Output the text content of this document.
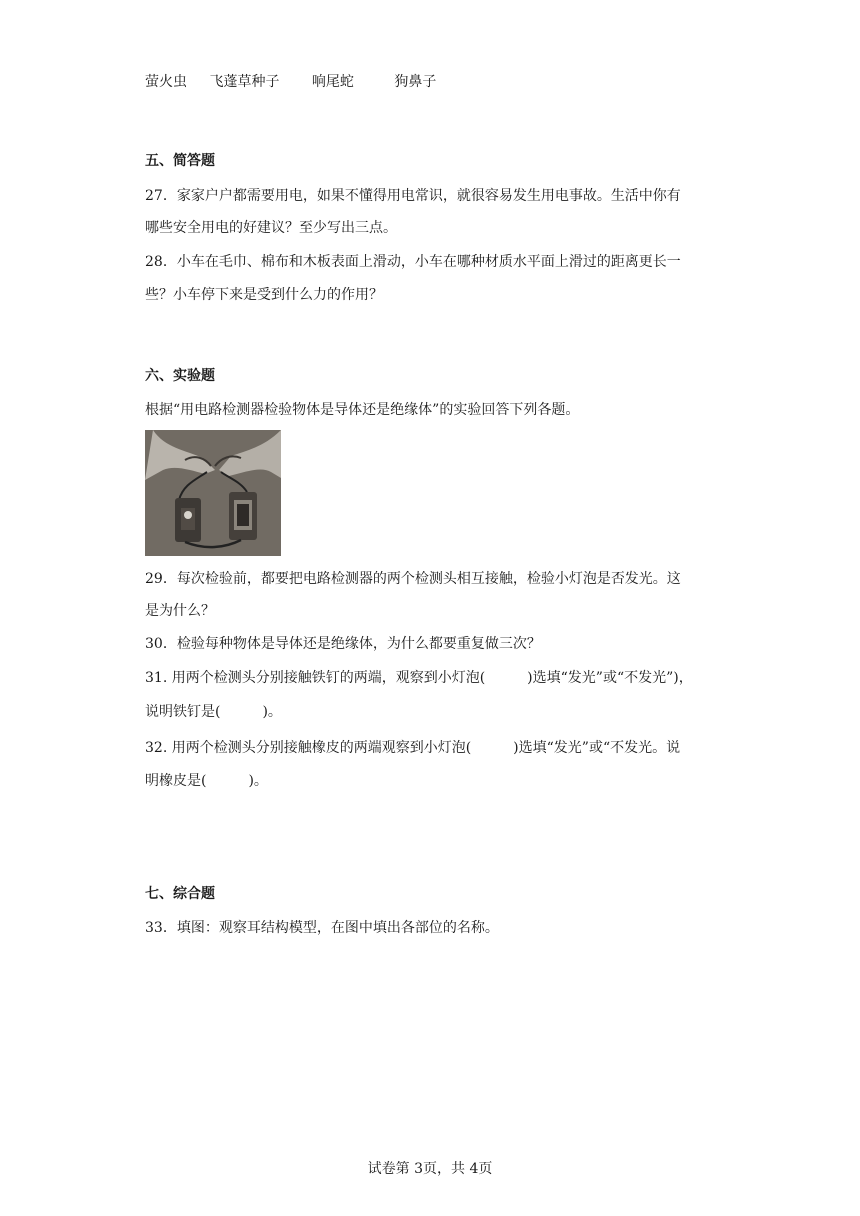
萤火虫 飞蓬草种子 响尾蛇	狗鼻子
五、简答题
27．家家户户都需要用电，如果不懂得用电常识，就很容易发生用电事故。生活中你有
哪些安全用电的好建议？至少写出三点。
28．小车在毛巾、棉布和木板表面上滑动，小车在哪种材质水平面上滑过的距离更长一
些？小车停下来是受到什么力的作用？
六、实验题
根据“用电路检测器检验物体是导体还是绝缘体”的实验回答下列各题。
29．每次检验前，都要把电路检测器的两个检测头相互接触，检验小灯泡是否发光。这
是为什么？
30．检验每种物体是导体还是绝缘体，为什么都要重复做三次？
31. 用两个检测头分别接触铁钉的两端，观察到小灯泡(　　　)选填“发光”或“不发光”)，
说明铁钉是(　　　)。
32. 用两个检测头分别接触橡皮的两端观察到小灯泡(　　　)选填“发光”或“不发光。说
明橡皮是(　　　)。
七、综合题
33．填图：观察耳结构模型，在图中填出各部位的名称。
试卷第 3页，共 4页
